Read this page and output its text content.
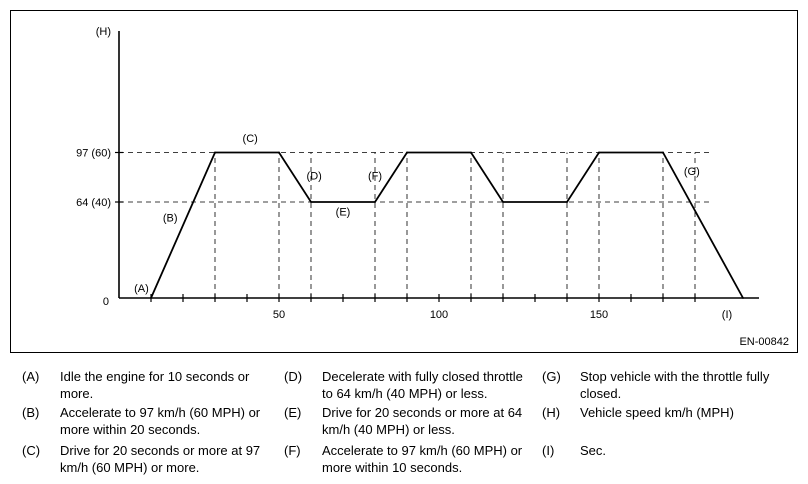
50	100	150
0
64 (40)
97 (60)
(H)
(I)
(A)
(B)
(C)
(D)
(E)
(F)	(G)
EN-00842
(A)	Idle the engine for 10 seconds or more.
(B)	Accelerate to 97 km/h (60 MPH) or more within 20 seconds.
(C)	Drive for 20 seconds or more at 97 km/h (60 MPH) or more.
(D)	Decelerate with fully closed throttle to 64 km/h (40 MPH) or less.
(E)	Drive for 20 seconds or more at 64 km/h (40 MPH) or less.
(F)	Accelerate to 97 km/h (60 MPH) or more within 10 seconds.
(G)	Stop vehicle with the throttle fully closed.
(H)	Vehicle speed km/h (MPH)
(I)	Sec.
